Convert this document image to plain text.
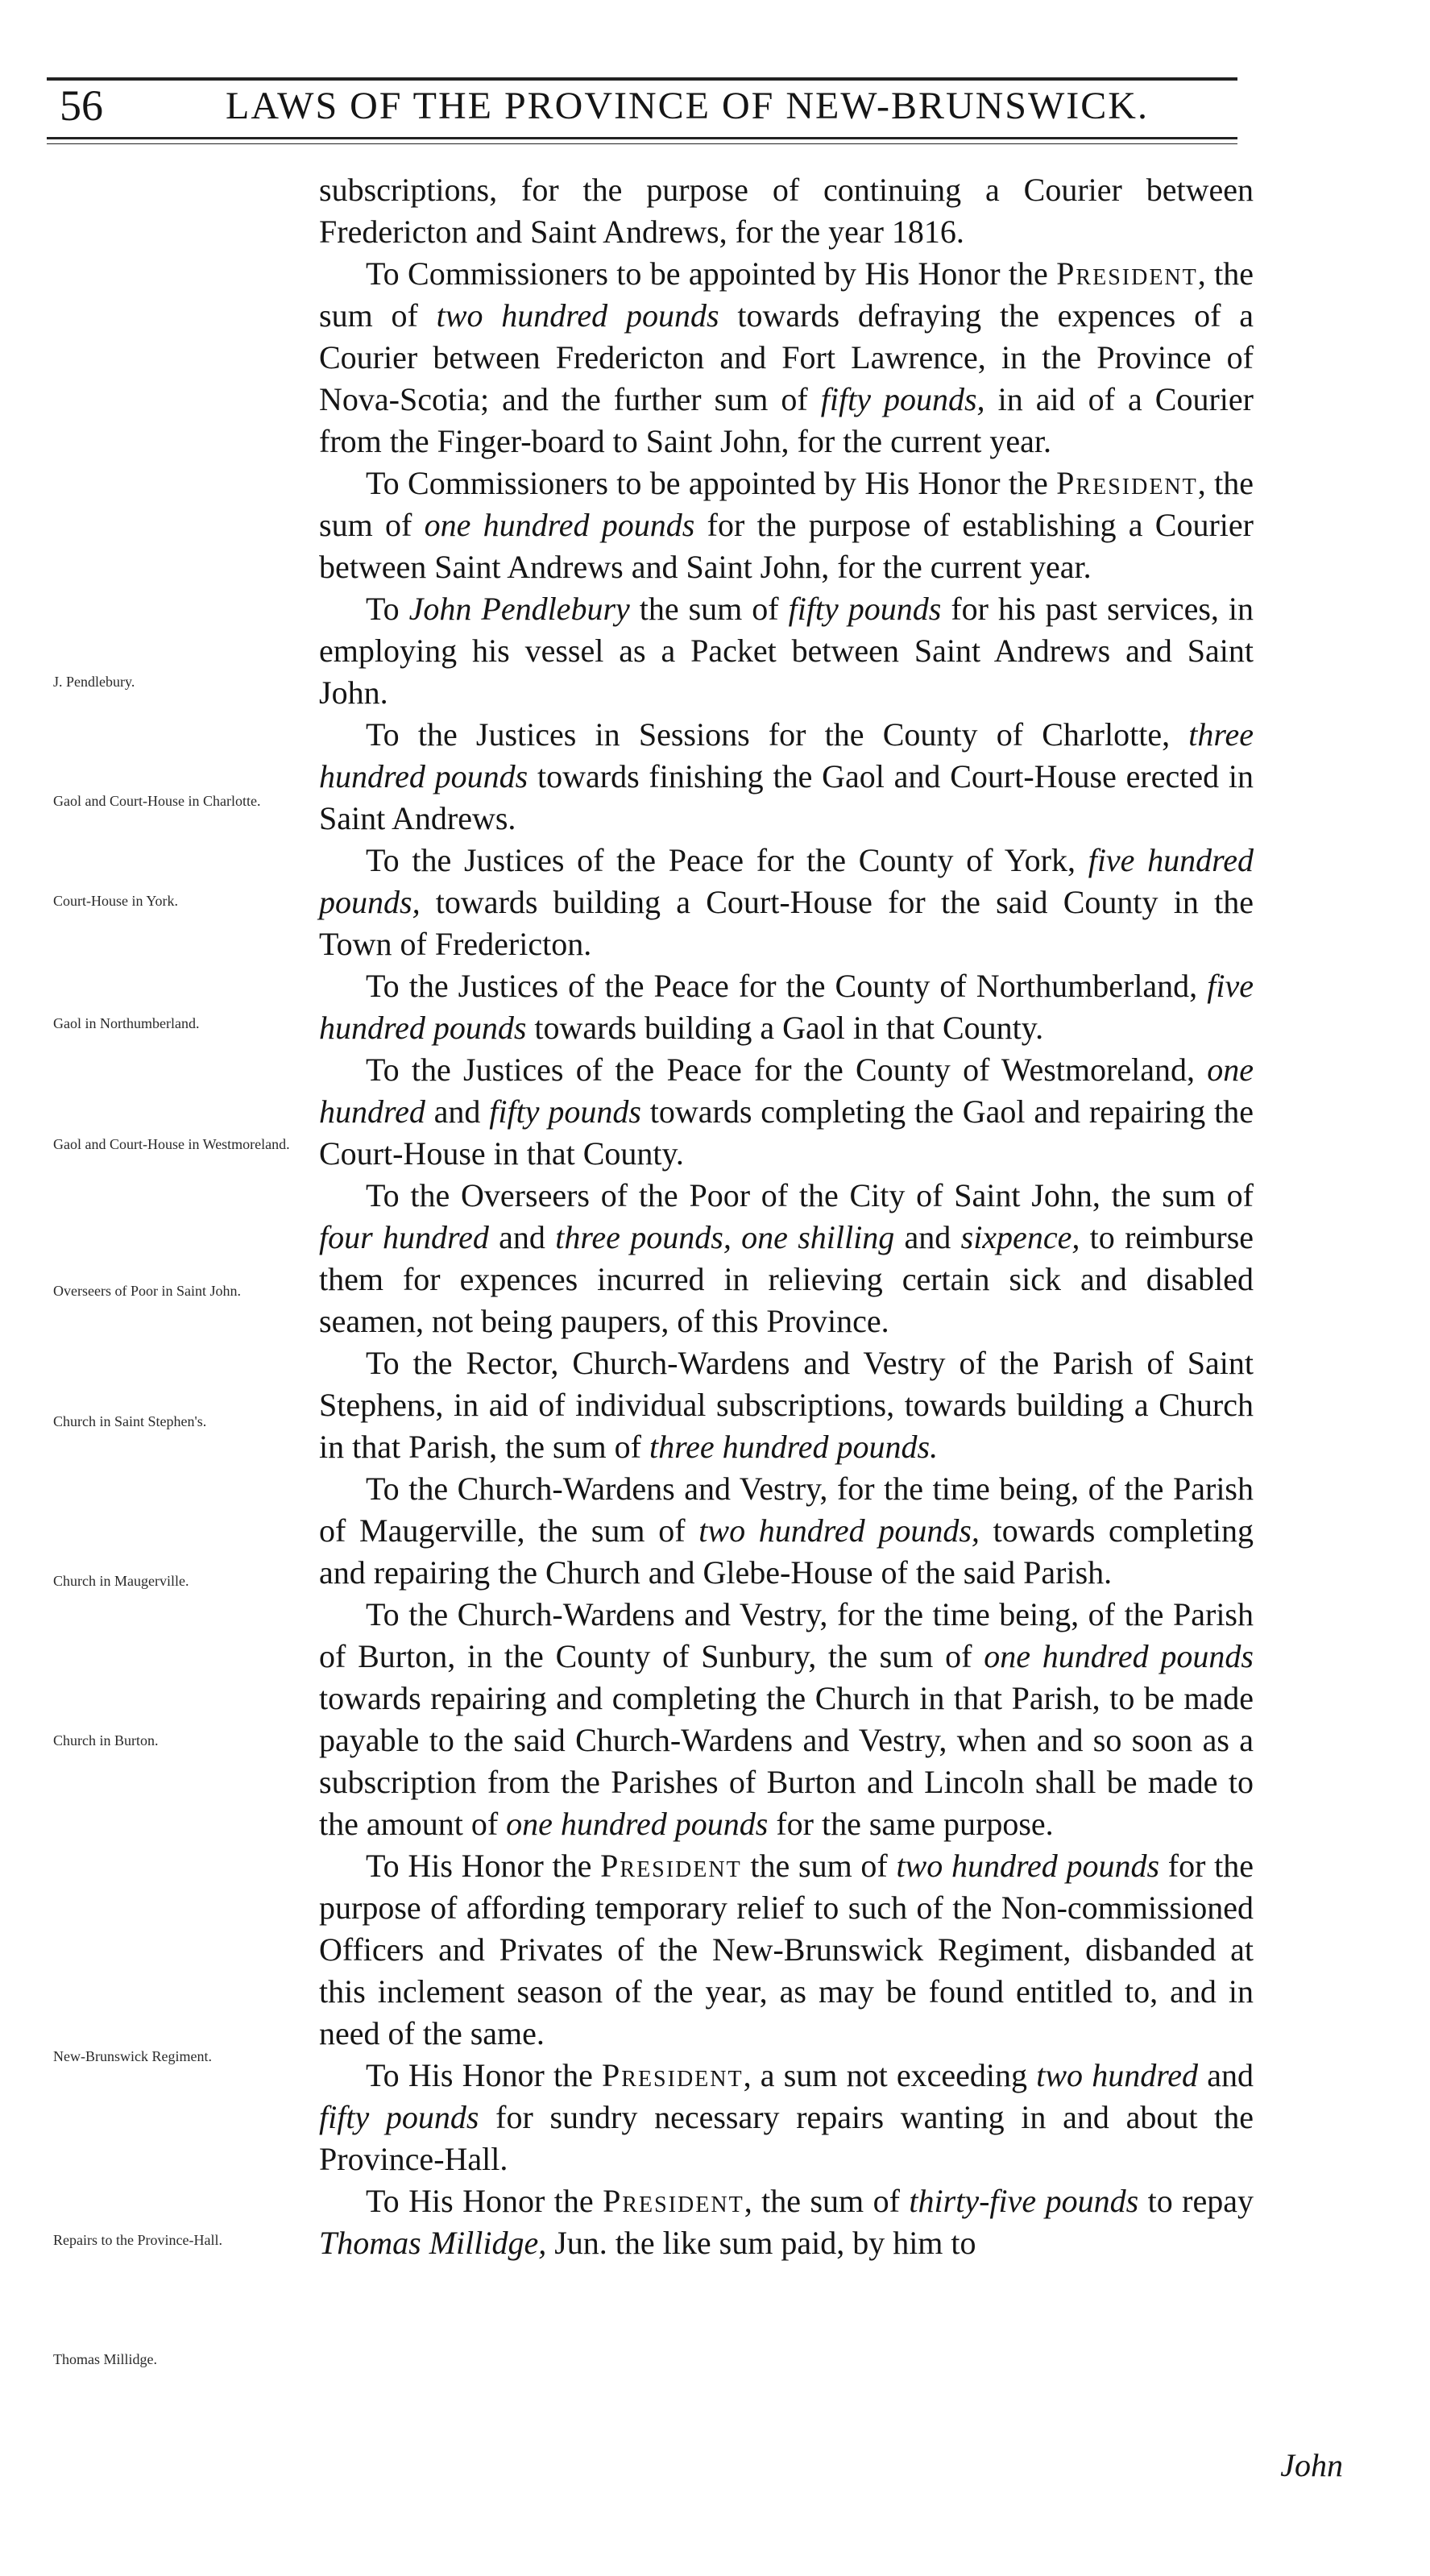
56	LAWS OF THE PROVINCE OF NEW-BRUNSWICK.
J. Pendlebury.
Gaol and Court-House in Charlotte.
Court-House in York.
Gaol in Northumberland.
Gaol and Court-House in Westmoreland.
Overseers of Poor in Saint John.
Church in Saint Stephen's.
Church in Maugerville.
Church in Burton.
New-Brunswick Regiment.
Repairs to the Province-Hall.
Thomas Millidge.

subscriptions, for the purpose of continuing a Courier between Fredericton and Saint Andrews, for the year 1816.

To Commissioners to be appointed by His Honor the President, the sum of two hundred pounds towards defraying the expences of a Courier between Fredericton and Fort Lawrence, in the Province of Nova-Scotia; and the further sum of fifty pounds, in aid of a Courier from the Finger-board to Saint John, for the current year.

To Commissioners to be appointed by His Honor the President, the sum of one hundred pounds for the purpose of establishing a Courier between Saint Andrews and Saint John, for the current year.

To John Pendlebury the sum of fifty pounds for his past services, in employing his vessel as a Packet between Saint Andrews and Saint John.

To the Justices in Sessions for the County of Charlotte, three hundred pounds towards finishing the Gaol and Court-House erected in Saint Andrews.

To the Justices of the Peace for the County of York, five hundred pounds, towards building a Court-House for the said County in the Town of Fredericton.

To the Justices of the Peace for the County of Northumberland, five hundred pounds towards building a Gaol in that County.

To the Justices of the Peace for the County of Westmoreland, one hundred and fifty pounds towards completing the Gaol and repairing the Court-House in that County.

To the Overseers of the Poor of the City of Saint John, the sum of four hundred and three pounds, one shilling and sixpence, to reimburse them for expences incurred in relieving certain sick and disabled seamen, not being paupers, of this Province.

To the Rector, Church-Wardens and Vestry of the Parish of Saint Stephens, in aid of individual subscriptions, towards building a Church in that Parish, the sum of three hundred pounds.

To the Church-Wardens and Vestry, for the time being, of the Parish of Maugerville, the sum of two hundred pounds, towards completing and repairing the Church and Glebe-House of the said Parish.

To the Church-Wardens and Vestry, for the time being, of the Parish of Burton, in the County of Sunbury, the sum of one hundred pounds towards repairing and completing the Church in that Parish, to be made payable to the said Church-Wardens and Vestry, when and so soon as a subscription from the Parishes of Burton and Lincoln shall be made to the amount of one hundred pounds for the same purpose.

To His Honor the President the sum of two hundred pounds for the purpose of affording temporary relief to such of the Non-commissioned Officers and Privates of the New-Brunswick Regiment, disbanded at this inclement season of the year, as may be found entitled to, and in need of the same.

To His Honor the President, a sum not exceeding two hundred and fifty pounds for sundry necessary repairs wanting in and about the Province-Hall.

To His Honor the President, the sum of thirty-five pounds to repay Thomas Millidge, Jun. the like sum paid, by him to

John
